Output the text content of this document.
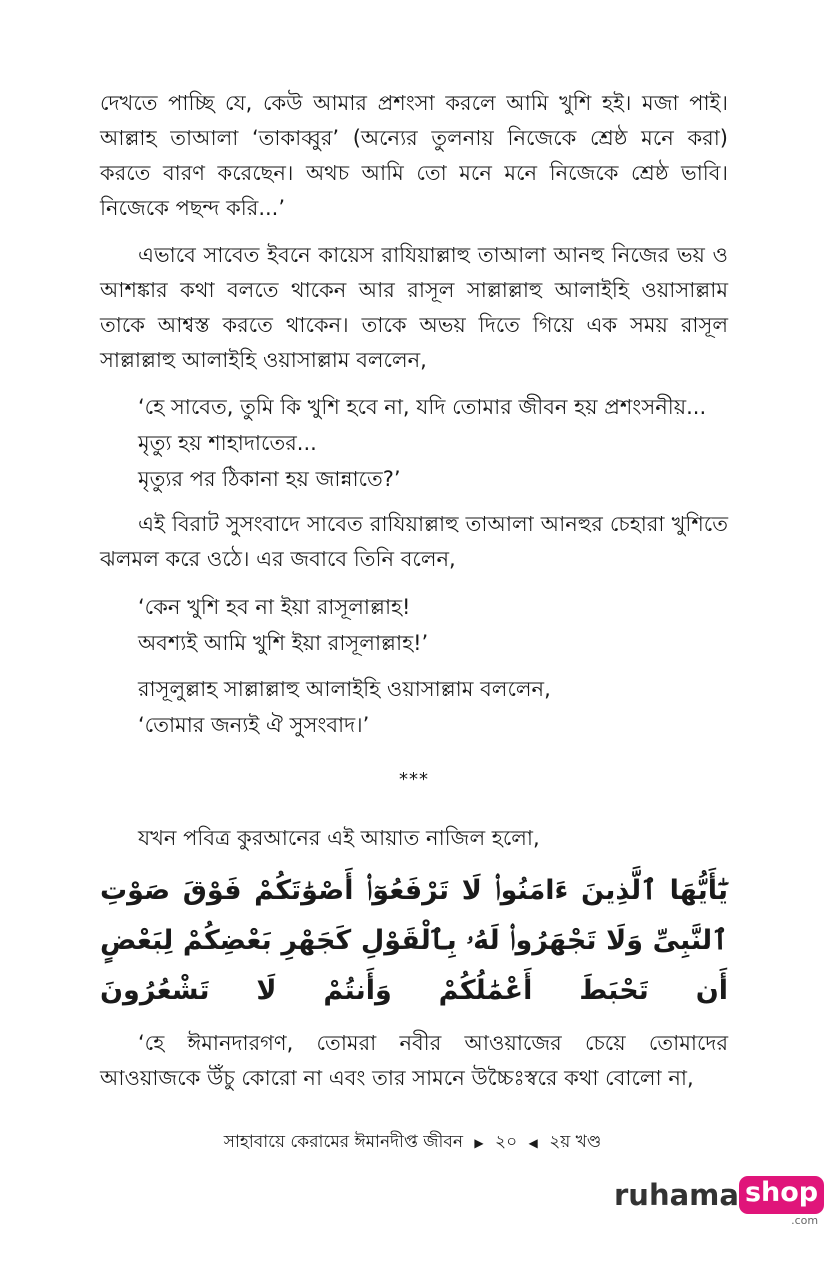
দেখতে পাচ্ছি যে, কেউ আমার প্রশংসা করলে আমি খুশি হই। মজা পাই। আল্লাহ তাআলা ‘তাকাব্বুর’ (অন্যের তুলনায় নিজেকে শ্রেষ্ঠ মনে করা) করতে বারণ করেছেন। অথচ আমি তো মনে মনে নিজেকে শ্রেষ্ঠ ভাবি। নিজেকে পছন্দ করি...’

এভাবে সাবেত ইবনে কায়েস রাযিয়াল্লাহু তাআলা আনহু নিজের ভয় ও আশঙ্কার কথা বলতে থাকেন আর রাসূল সাল্লাল্লাহু আলাইহি ওয়াসাল্লাম তাকে আশ্বস্ত করতে থাকেন। তাকে অভয় দিতে গিয়ে এক সময় রাসূল সাল্লাল্লাহু আলাইহি ওয়াসাল্লাম বললেন,

‘হে সাবেত, তুমি কি খুশি হবে না, যদি তোমার জীবন হয় প্রশংসনীয়...

মৃত্যু হয় শাহাদাতের...
মৃত্যুর পর ঠিকানা হয় জান্নাতে?’

এই বিরাট সুসংবাদে সাবেত রাযিয়াল্লাহু তাআলা আনহুর চেহারা খুশিতে ঝলমল করে ওঠে। এর জবাবে তিনি বলেন,

‘কেন খুশি হব না ইয়া রাসূলাল্লাহ!
অবশ্যই আমি খুশি ইয়া রাসূলাল্লাহ!’
রাসূলুল্লাহ সাল্লাল্লাহু আলাইহি ওয়াসাল্লাম বললেন,
‘তোমার জন্যই ঐ সুসংবাদ।’
***
যখন পবিত্র কুরআনের এই আয়াত নাজিল হলো,
يَٰٓأَيُّهَا ٱلَّذِينَ ءَامَنُوا۟ لَا تَرْفَعُوٓا۟ أَصْوَٰتَكُمْ فَوْقَ صَوْتِ ٱلنَّبِىِّ وَلَا تَجْهَرُوا۟ لَهُۥ بِٱلْقَوْلِ كَجَهْرِ بَعْضِكُمْ لِبَعْضٍ أَن تَحْبَطَ أَعْمَٰلُكُمْ وَأَنتُمْ لَا تَشْعُرُونَ

‘হে ঈমানদারগণ, তোমরা নবীর আওয়াজের চেয়ে তোমাদের আওয়াজকে উঁচু কোরো না এবং তার সামনে উচ্চৈঃস্বরে কথা বোলো না,

সাহাবায়ে কেরামের ঈমানদীপ্ত জীবন ▶ ২০ ◀ ২য় খণ্ড
ruhama shop
.com
